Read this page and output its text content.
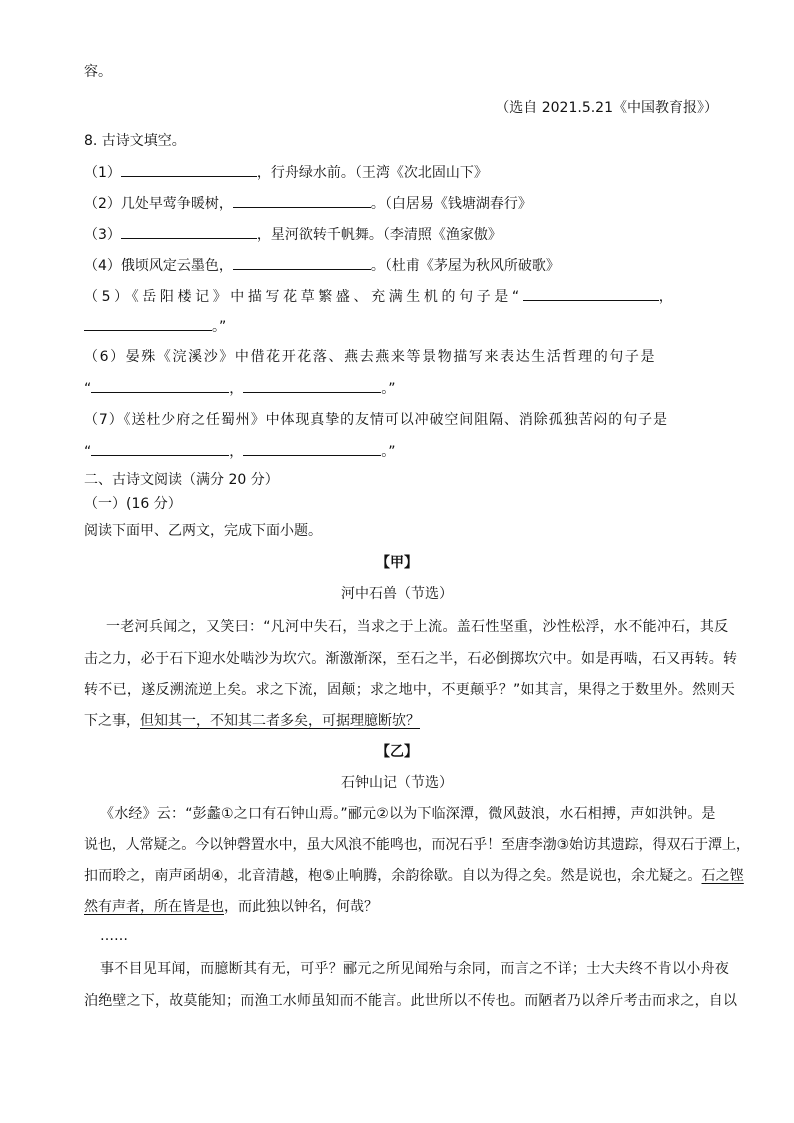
容。
（选自 2021.5.21《中国教育报》）
8. 古诗文填空。
（1）	，行舟绿水前。（王湾《次北固山下》
（2）几处早莺争暖树，	。（白居易《钱塘湖春行》
（3）	，星河欲转千帆舞。（李清照《渔家傲》
（4）俄顷风定云墨色，	。（杜甫《茅屋为秋风所破歌》
（5）《岳阳楼记》中描写花草繁盛、充满生机的句子是“	，
。”
（6）晏殊《浣溪沙》中借花开花落、燕去燕来等景物描写来表达生活哲理的句子是
“	，	。”
（7）《送杜少府之任蜀州》中体现真挚的友情可以冲破空间阻隔、消除孤独苦闷的句子是
“	，	。”
二、古诗文阅读（满分 20 分）
（一）(16 分）
阅读下面甲、乙两文，完成下面小题。
【甲】
河中石兽（节选）
一老河兵闻之，又笑曰：“凡河中失石，当求之于上流。盖石性坚重，沙性松浮，水不能冲石，其反
击之力，必于石下迎水处啮沙为坎穴。渐激渐深，至石之半，石必倒掷坎穴中。如是再啮，石又再转。转
转不已，遂反溯流逆上矣。求之下流，固颠；求之地中，不更颠乎？”如其言，果得之于数里外。然则天
下之事，但知其一，不知其二者多矣，可据理臆断欤？
【乙】
石钟山记（节选）
《水经》云：“彭蠡①之口有石钟山焉。”郦元②以为下临深潭，微风鼓浪，水石相搏，声如洪钟。是
说也，人常疑之。今以钟磬置水中，虽大风浪不能鸣也，而况石乎！至唐李渤③始访其遗踪，得双石于潭上，
扣而聆之，南声函胡④，北音清越，枹⑤止响腾，余韵徐歇。自以为得之矣。然是说也，余尤疑之。石之铿
然有声者，所在皆是也，而此独以钟名，何哉？
……
事不目见耳闻，而臆断其有无，可乎？郦元之所见闻殆与余同，而言之不详；士大夫终不肯以小舟夜
泊绝壁之下，故莫能知；而渔工水师虽知而不能言。此世所以不传也。而陋者乃以斧斤考击而求之，自以
